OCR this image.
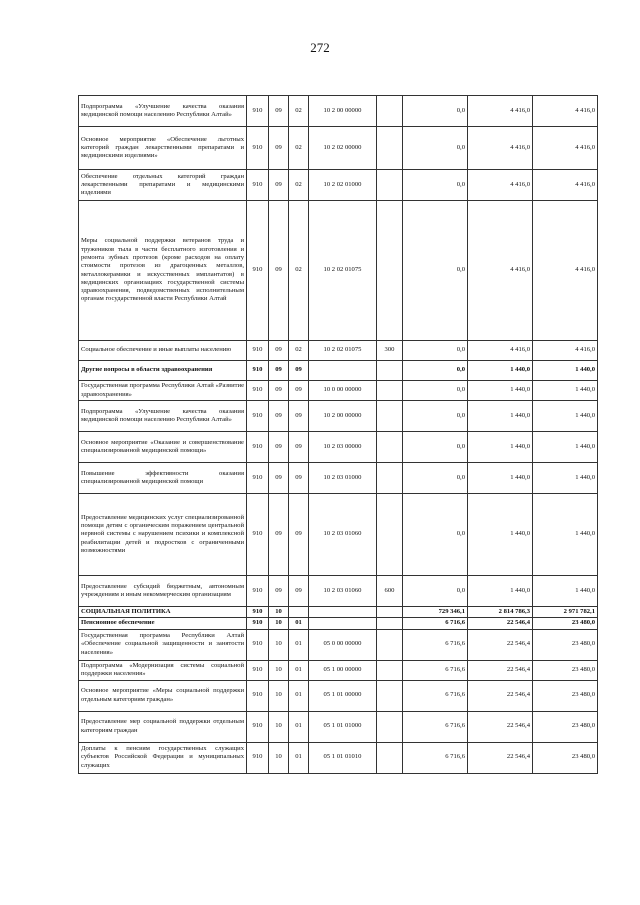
272
Подпрограмма «Улучшение качества оказания медицинской помощи населению Республики Алтай»	910	09	02	10 2 00 00000		0,0	4 416,0	4 416,0
Основное мероприятие «Обеспечение льготных категорий граждан лекарственными препаратами и медицинскими изделиями»	910	09	02	10 2 02 00000		0,0	4 416,0	4 416,0
Обеспечение отдельных категорий граждан лекарственными препаратами и медицинскими изделиями	910	09	02	10 2 02 01000		0,0	4 416,0	4 416,0
Меры социальной поддержки ветеранов труда и тружеников тыла в части бесплатного изготовления и ремонта зубных протезов (кроме расходов на оплату стоимости протезов из драгоценных металлов, металлокерамики и искусственных имплантатов) в медицинских организациях государственной системы здравоохранения, подведомственных исполнительным органам государственной власти Республики Алтай	910	09	02	10 2 02 01075		0,0	4 416,0	4 416,0
Социальное обеспечение и иные выплаты населению	910	09	02	10 2 02 01075	300	0,0	4 416,0	4 416,0
Другие вопросы в области здравоохранения	910	09	09			0,0	1 440,0	1 440,0
Государственная программа Республики Алтай «Развитие здравоохранения»	910	09	09	10 0 00 00000		0,0	1 440,0	1 440,0
Подпрограмма «Улучшение качества оказания медицинской помощи населению Республики Алтай»	910	09	09	10 2 00 00000		0,0	1 440,0	1 440,0
Основное мероприятие «Оказание и совершенствование специализированной медицинской помощи»	910	09	09	10 2 03 00000		0,0	1 440,0	1 440,0
Повышение эффективности оказания специализированной медицинской помощи	910	09	09	10 2 03 01000		0,0	1 440,0	1 440,0
Предоставление медицинских услуг специализированной помощи детям с органическим поражением центральной нервной системы с нарушением психики и комплексной реабилитации детей и подростков с ограниченными возможностями	910	09	09	10 2 03 01060		0,0	1 440,0	1 440,0
Предоставление субсидий бюджетным, автономным учреждениям и иным некоммерческим организациям	910	09	09	10 2 03 01060	600	0,0	1 440,0	1 440,0
СОЦИАЛЬНАЯ ПОЛИТИКА	910	10				729 346,1	2 814 786,3	2 971 782,1
Пенсионное обеспечение	910	10	01			6 716,6	22 546,4	23 480,0
Государственная программа Республики Алтай «Обеспечение социальной защищенности и занятости населения»	910	10	01	05 0 00 00000		6 716,6	22 546,4	23 480,0
Подпрограмма «Модернизация системы социальной поддержки населения»	910	10	01	05 1 00 00000		6 716,6	22 546,4	23 480,0
Основное мероприятие «Меры социальной поддержки отдельным категориям граждан»	910	10	01	05 1 01 00000		6 716,6	22 546,4	23 480,0
Предоставление мер социальной поддержки отдельным категориям граждан	910	10	01	05 1 01 01000		6 716,6	22 546,4	23 480,0
Доплаты к пенсиям государственных служащих субъектов Российской Федерации и муниципальных служащих	910	10	01	05 1 01 01010		6 716,6	22 546,4	23 480,0
